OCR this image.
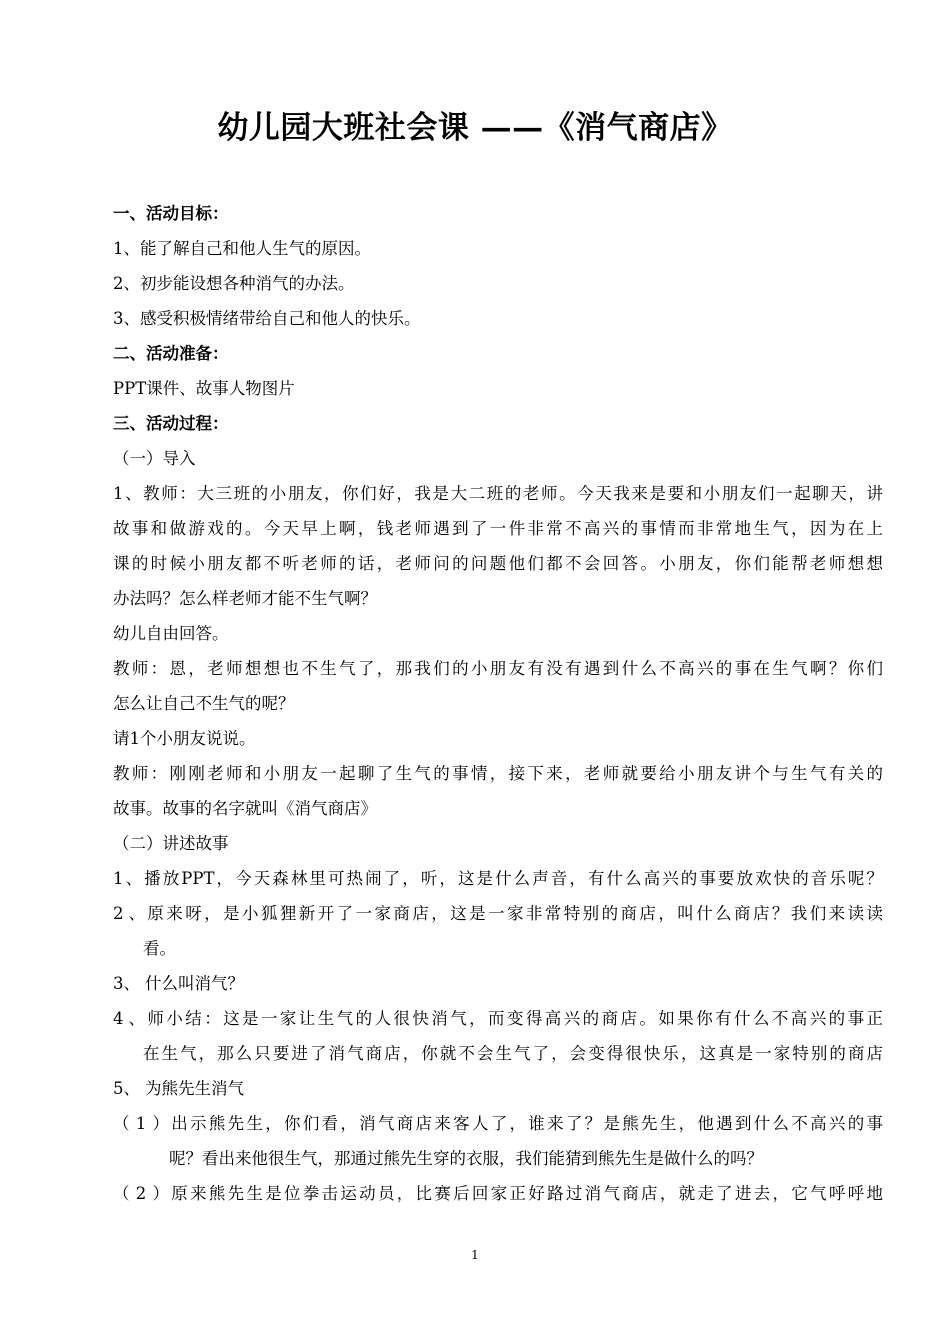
幼儿园大班社会课 ——《消气商店》
一、活动目标：
1、能了解自己和他人生气的原因。
2、初步能设想各种消气的办法。
3、感受积极情绪带给自己和他人的快乐。
二、活动准备：
PPT课件、故事人物图片
三、活动过程：
（一）导入
1、教师：大三班的小朋友，你们好，我是大二班的老师。今天我来是要和小朋友们一起聊天，讲
故事和做游戏的。今天早上啊，钱老师遇到了一件非常不高兴的事情而非常地生气，因为在上
课的时候小朋友都不听老师的话，老师问的问题他们都不会回答。小朋友，你们能帮老师想想
办法吗？怎么样老师才能不生气啊？
幼儿自由回答。
教师：恩，老师想想也不生气了，那我们的小朋友有没有遇到什么不高兴的事在生气啊？你们
怎么让自己不生气的呢？
请1个小朋友说说。
教师：刚刚老师和小朋友一起聊了生气的事情，接下来，老师就要给小朋友讲个与生气有关的
故事。故事的名字就叫《消气商店》
（二）讲述故事
1、播放PPT，今天森林里可热闹了，听，这是什么声音，有什么高兴的事要放欢快的音乐呢？
2、原来呀，是小狐狸新开了一家商店，这是一家非常特别的商店，叫什么商店？我们来读读
看。
3、 什么叫消气？
4、师小结：这是一家让生气的人很快消气，而变得高兴的商店。如果你有什么不高兴的事正
在生气，那么只要进了消气商店，你就不会生气了，会变得很快乐，这真是一家特别的商店
5、 为熊先生消气
（1）出示熊先生，你们看，消气商店来客人了，谁来了？是熊先生，他遇到什么不高兴的事
呢？看出来他很生气，那通过熊先生穿的衣服，我们能猜到熊先生是做什么的吗？
（2）原来熊先生是位拳击运动员，比赛后回家正好路过消气商店，就走了进去，它气呼呼地
1
